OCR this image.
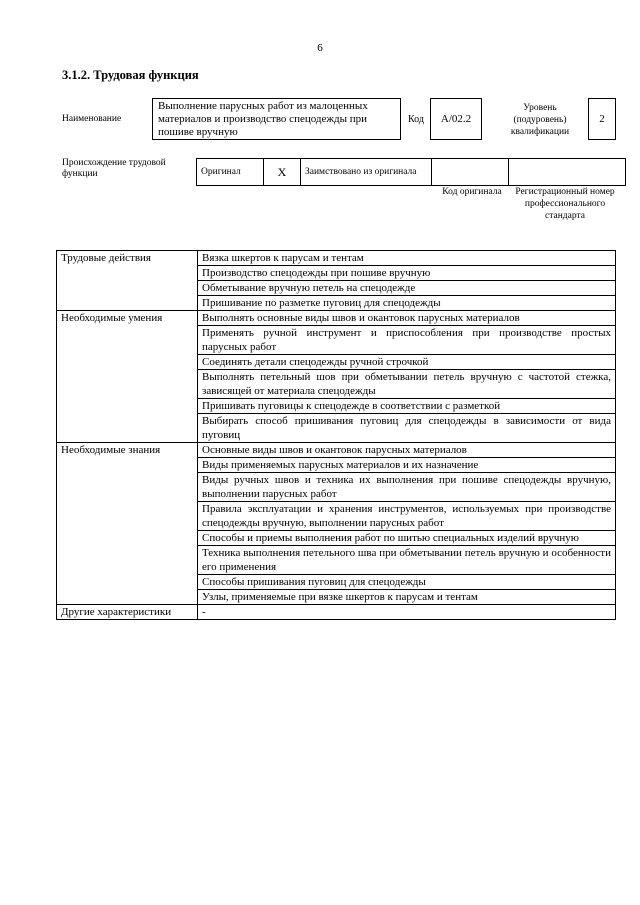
6
3.1.2. Трудовая функция
Наименование
Выполнение парусных работ из малоценных материалов и производство спецодежды при пошиве вручную
Код	А/02.2
Уровень (подуровень) квалификации
2
Происхождение трудовой функции	Оригинал	X	Заимствовано из оригинала		
Код оригинала	Регистрационный номер профессионального стандарта
Трудовые действия	Вязка шкертов к парусам и тентам
	Производство спецодежды при пошиве вручную
	Обметывание вручную петель на спецодежде
	Пришивание по разметке пуговиц для спецодежды
Необходимые умения	Выполнять основные виды швов и окантовок парусных материалов
	Применять ручной инструмент и приспособления при производстве простых парусных работ
	Соединять детали спецодежды ручной строчкой
	Выполнять петельный шов при обметывании петель вручную с частотой стежка, зависящей от материала спецодежды
	Пришивать пуговицы к спецодежде в соответствии с разметкой
	Выбирать способ пришивания пуговиц для спецодежды в зависимости от вида пуговиц
Необходимые знания	Основные виды швов и окантовок парусных материалов
	Виды применяемых парусных материалов и их назначение
	Виды ручных швов и техника их выполнения при пошиве спецодежды вручную, выполнении парусных работ
	Правила эксплуатации и хранения инструментов, используемых при производстве спецодежды вручную, выполнении парусных работ
	Способы и приемы выполнения работ по шитью специальных изделий вручную
	Техника выполнения петельного шва при обметывании петель вручную и особенности его применения
	Способы пришивания пуговиц для спецодежды
	Узлы, применяемые при вязке шкертов к парусам и тентам
Другие характеристики	-
